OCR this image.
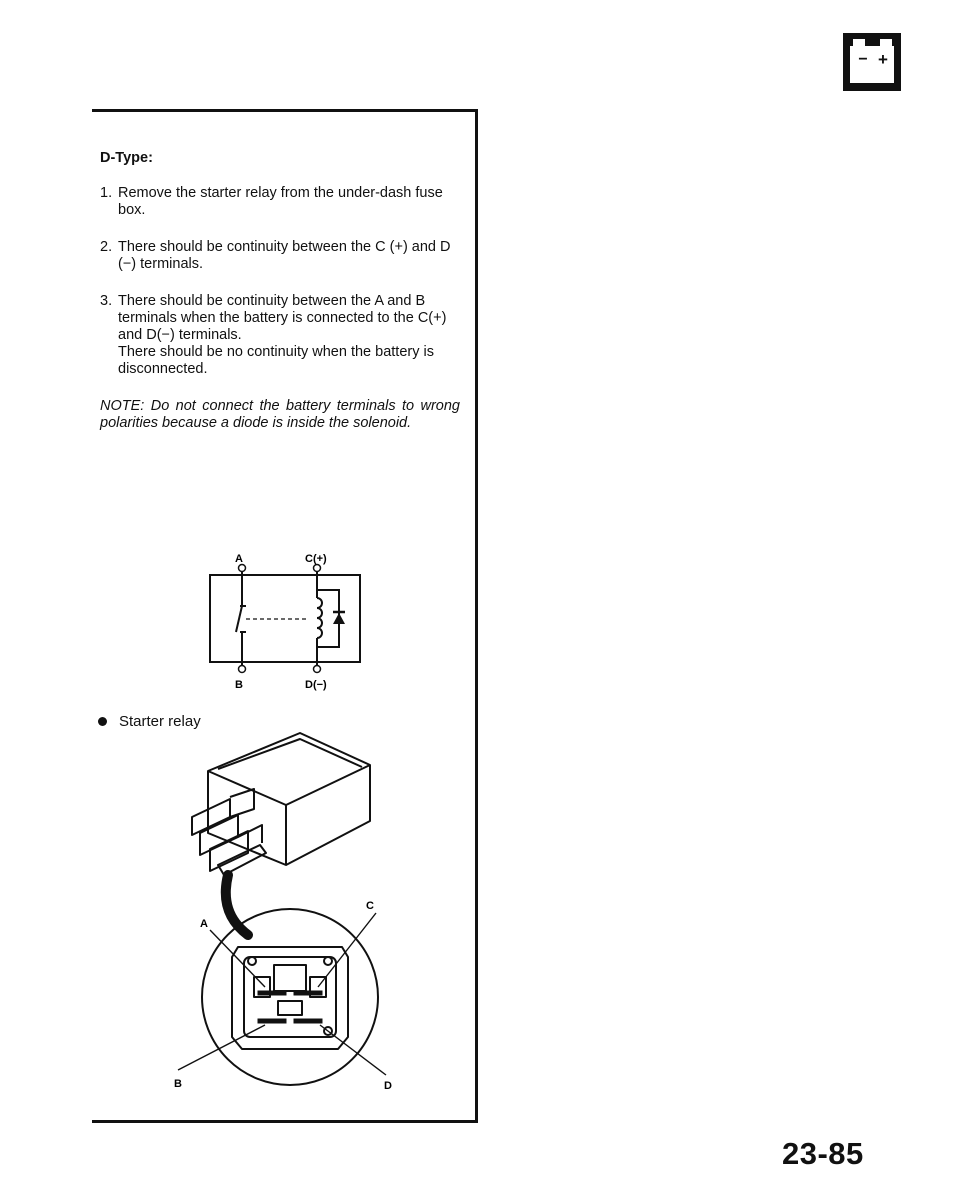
− +
D-Type:
1. Remove the starter relay from the under-dash fuse box.

2. There should be continuity between the C (+) and D (−) terminals.

3. There should be continuity between the A and B terminals when the battery is connected to the C(+) and D(−) terminals.

There should be no continuity when the battery is disconnected.

NOTE: Do not connect the battery terminals to wrong polarities because a diode is inside the solenoid.

A	C(+)
B	D(−)
Starter relay
A
C
B	D
23-85
